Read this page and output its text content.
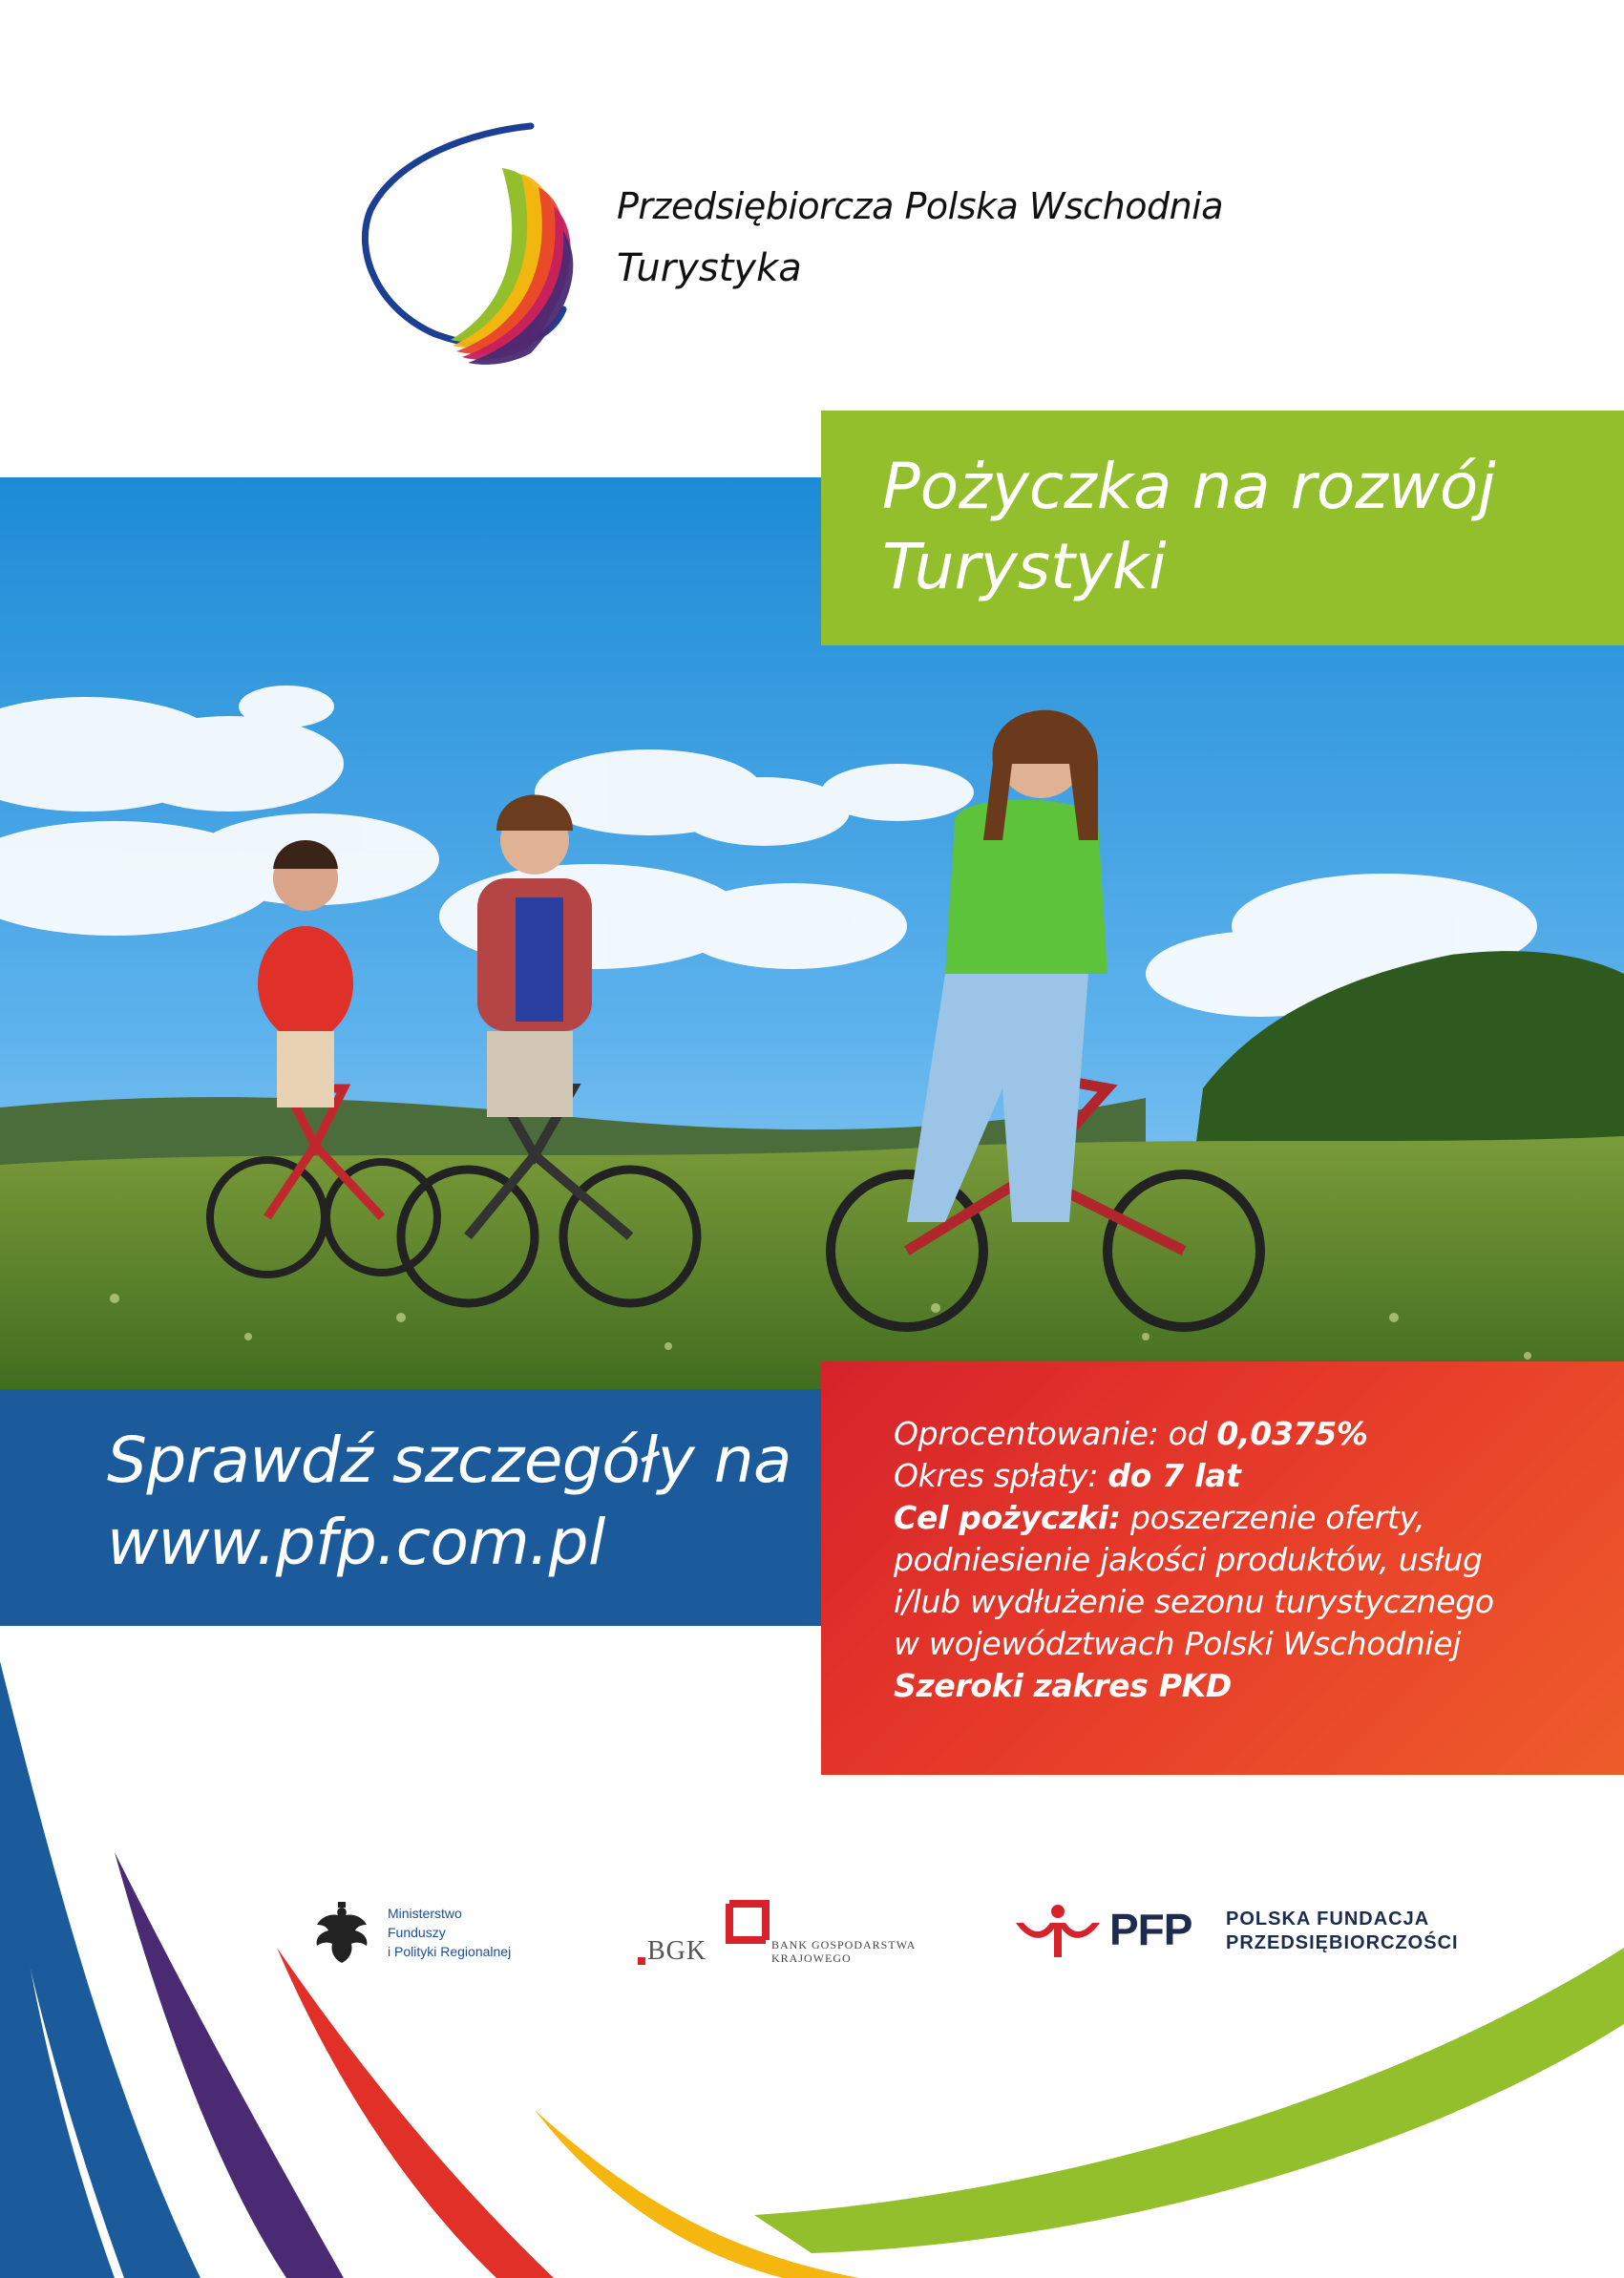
Przedsiębiorcza Polska Wschodnia
Turystyka
Pożyczka na rozwój
Turystyki
Sprawdź szczegóły na
www.pfp.com.pl
Oprocentowanie: od 0,0375%
Okres spłaty: do 7 lat
Cel pożyczki: poszerzenie oferty,
podniesienie jakości produktów, usług
i/lub wydłużenie sezonu turystycznego
w województwach Polski Wschodniej
Szeroki zakres PKD
Ministerstwo
Funduszy
i Polityki Regionalnej	BGK	BANK GOSPODARSTWA
KRAJOWEGO
PFP POLSKA FUNDACJA
PRZEDSIĘBIORCZOŚCI
